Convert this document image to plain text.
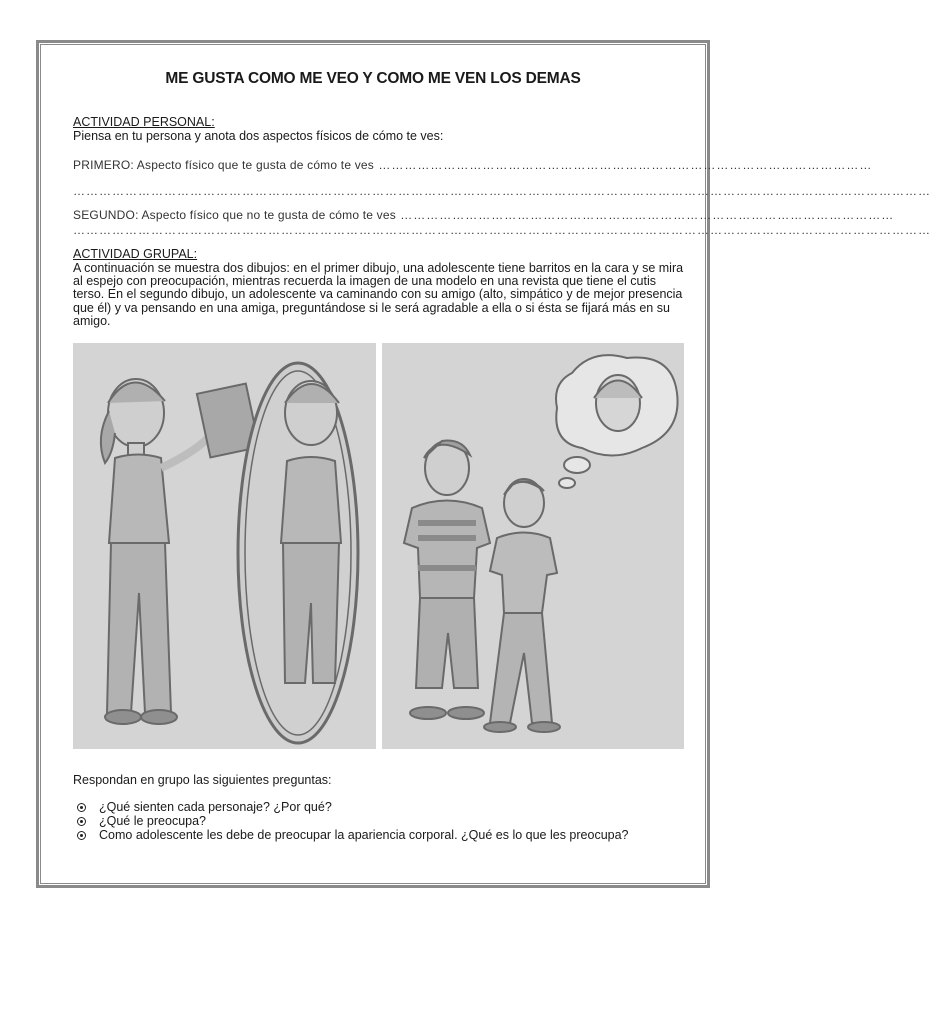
ME GUSTA COMO ME VEO Y COMO ME VEN LOS DEMAS
ACTIVIDAD PERSONAL:
Piensa en tu persona y anota dos aspectos físicos de cómo te ves:
PRIMERO: Aspecto físico que te gusta de cómo te ves ……………………………………………………………………………………………………
………………………………………………………………………………………………………………………………………………………………………………
SEGUNDO: Aspecto físico que no te gusta de cómo te ves ……………………………………………………………………………………………………
………………………………………………………………………………………………………………………………………………………………………………
ACTIVIDAD GRUPAL:
A continuación se muestra dos dibujos: en el primer dibujo, una adolescente tiene barritos en la cara y se mira al espejo con preocupación, mientras recuerda la imagen de una modelo en una revista que tiene el cutis terso. En el segundo dibujo, un adolescente va caminando con su amigo (alto, simpático y de mejor presencia que él) y va pensando en una amiga, preguntándose si le será agradable a ella o si ésta se fijará más en su amigo.
Respondan en grupo las siguientes preguntas:
¿Qué sienten cada personaje? ¿Por qué?
¿Qué le preocupa?
Como adolescente les debe de preocupar la apariencia corporal. ¿Qué es lo que les preocupa?
